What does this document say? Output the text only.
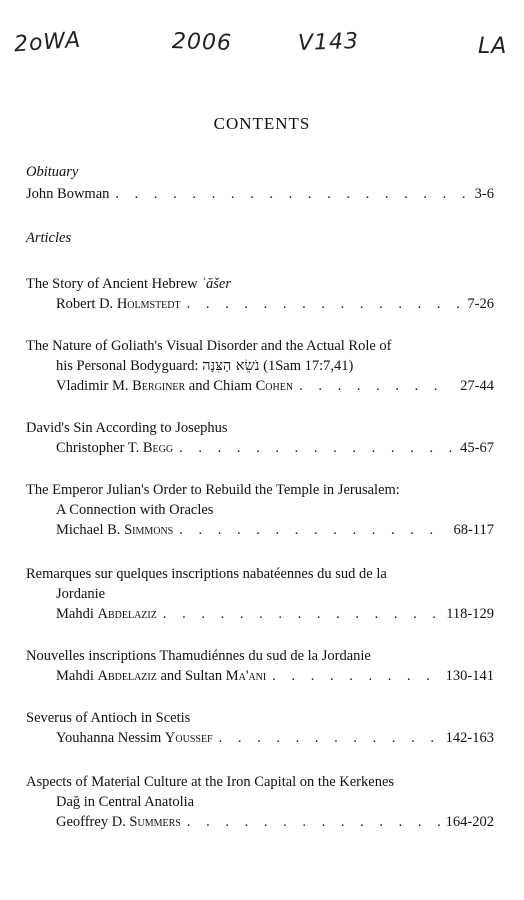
2oWA	2006	V143	LA
CONTENTS
Obituary
John Bowman . . .	3-6
Articles
The Story of Ancient Hebrew ʾăšer
Robert D. Holmstedt . . .	7-26
The Nature of Goliath's Visual Disorder and the Actual Role of
his Personal Bodyguard: נֹשֵׂא הַצִּנָּה (1Sam 17:7,41)
Vladimir M. Berginer and Chiam Cohen . . .	27-44
David's Sin According to Josephus
Christopher T. Begg . . .	45-67
The Emperor Julian's Order to Rebuild the Temple in Jerusalem:
A Connection with Oracles
Michael B. Simmons . . .	68-117
Remarques sur quelques inscriptions nabatéennes du sud de la
Jordanie
Mahdi Abdelaziz . . .	118-129
Nouvelles inscriptions Thamudiénnes du sud de la Jordanie
Mahdi Abdelaziz and Sultan Ma'ani . . .	130-141
Severus of Antioch in Scetis
Youhanna Nessim Youssef . . .	142-163
Aspects of Material Culture at the Iron Capital on the Kerkenes
Dağ in Central Anatolia
Geoffrey D. Summers . . .	164-202
